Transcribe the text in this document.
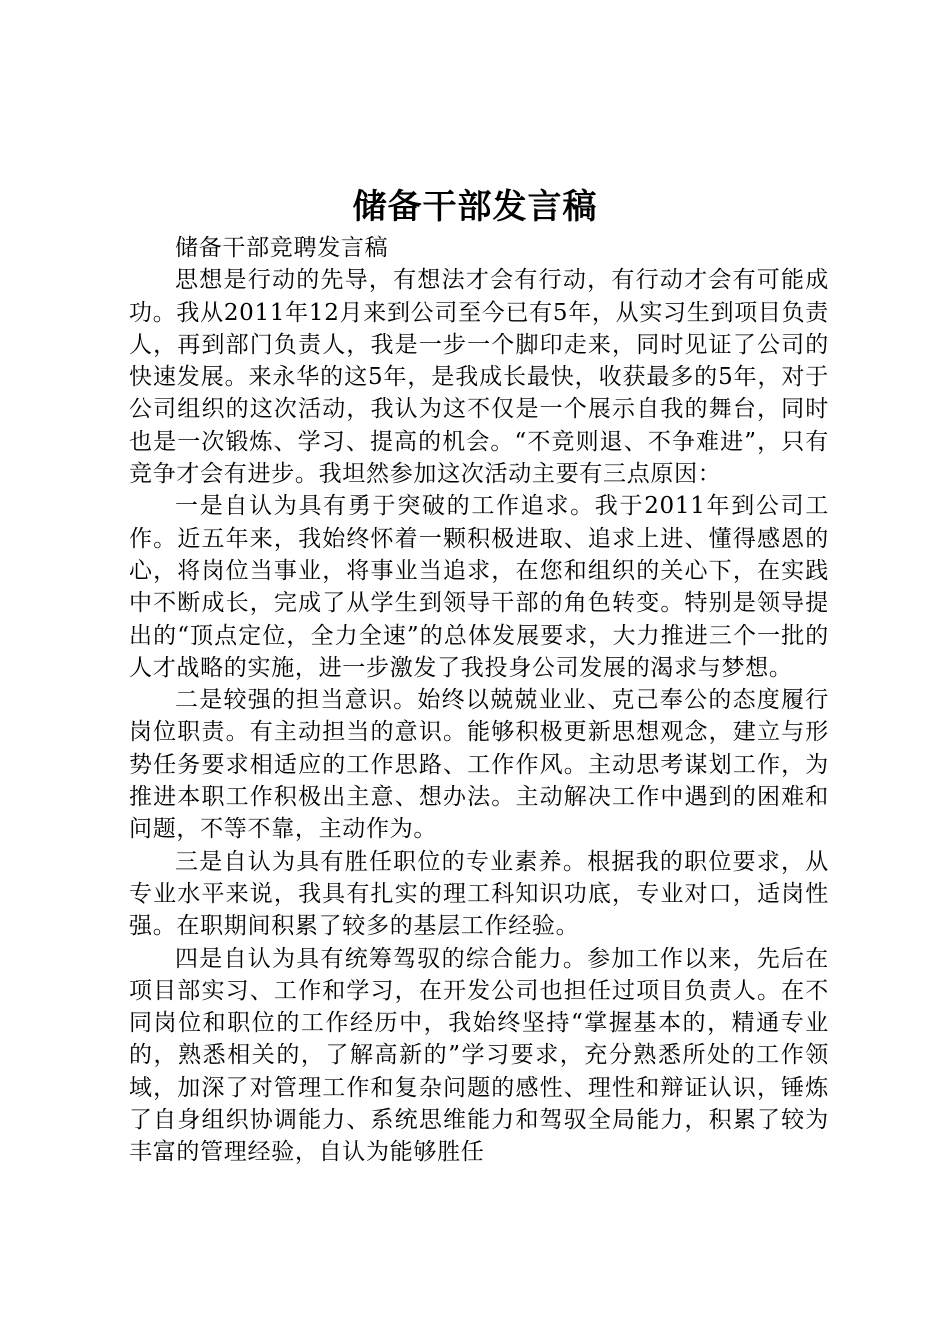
储备干部发言稿

储备干部竞聘发言稿

思想是行动的先导，有想法才会有行动，有行动才会有可能成功。我从2011年12月来到公司至今已有5年，从实习生到项目负责人，再到部门负责人，我是一步一个脚印走来，同时见证了公司的快速发展。来永华的这5年，是我成长最快，收获最多的5年，对于公司组织的这次活动，我认为这不仅是一个展示自我的舞台，同时也是一次锻炼、学习、提高的机会。“不竞则退、不争难进”，只有竞争才会有进步。我坦然参加这次活动主要有三点原因：

一是自认为具有勇于突破的工作追求。我于2011年到公司工作。近五年来，我始终怀着一颗积极进取、追求上进、懂得感恩的心，将岗位当事业，将事业当追求，在您和组织的关心下，在实践中不断成长，完成了从学生到领导干部的角色转变。特别是领导提出的“顶点定位，全力全速”的总体发展要求，大力推进三个一批的人才战略的实施，进一步激发了我投身公司发展的渴求与梦想。

二是较强的担当意识。始终以兢兢业业、克己奉公的态度履行岗位职责。有主动担当的意识。能够积极更新思想观念，建立与形势任务要求相适应的工作思路、工作作风。主动思考谋划工作，为推进本职工作积极出主意、想办法。主动解决工作中遇到的困难和问题，不等不靠，主动作为。

三是自认为具有胜任职位的专业素养。根据我的职位要求，从专业水平来说，我具有扎实的理工科知识功底，专业对口，适岗性强。在职期间积累了较多的基层工作经验。

四是自认为具有统筹驾驭的综合能力。参加工作以来，先后在项目部实习、工作和学习，在开发公司也担任过项目负责人。在不同岗位和职位的工作经历中，我始终坚持“掌握基本的，精通专业的，熟悉相关的，了解高新的”学习要求，充分熟悉所处的工作领域，加深了对管理工作和复杂问题的感性、理性和辩证认识，锤炼了自身组织协调能力、系统思维能力和驾驭全局能力，积累了较为丰富的管理经验，自认为能够胜任
